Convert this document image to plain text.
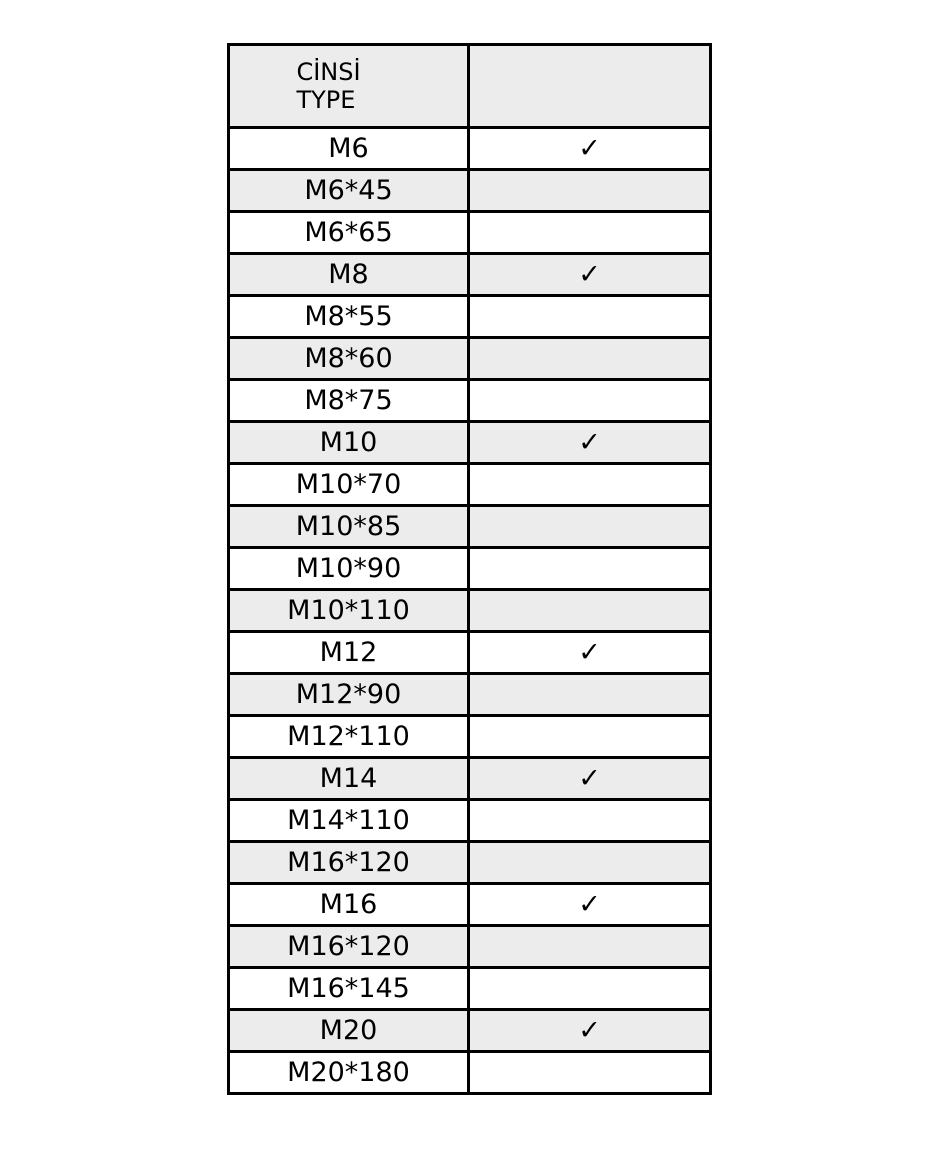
CİNSİ
TYPE	

M6	✓
M6*45	
M6*65	
M8	✓
M8*55	
M8*60	
M8*75	
M10	✓
M10*70	
M10*85	
M10*90	
M10*110	
M12	✓
M12*90	
M12*110	
M14	✓
M14*110	
M16*120	
M16	✓
M16*120	
M16*145	
M20	✓
M20*180	
